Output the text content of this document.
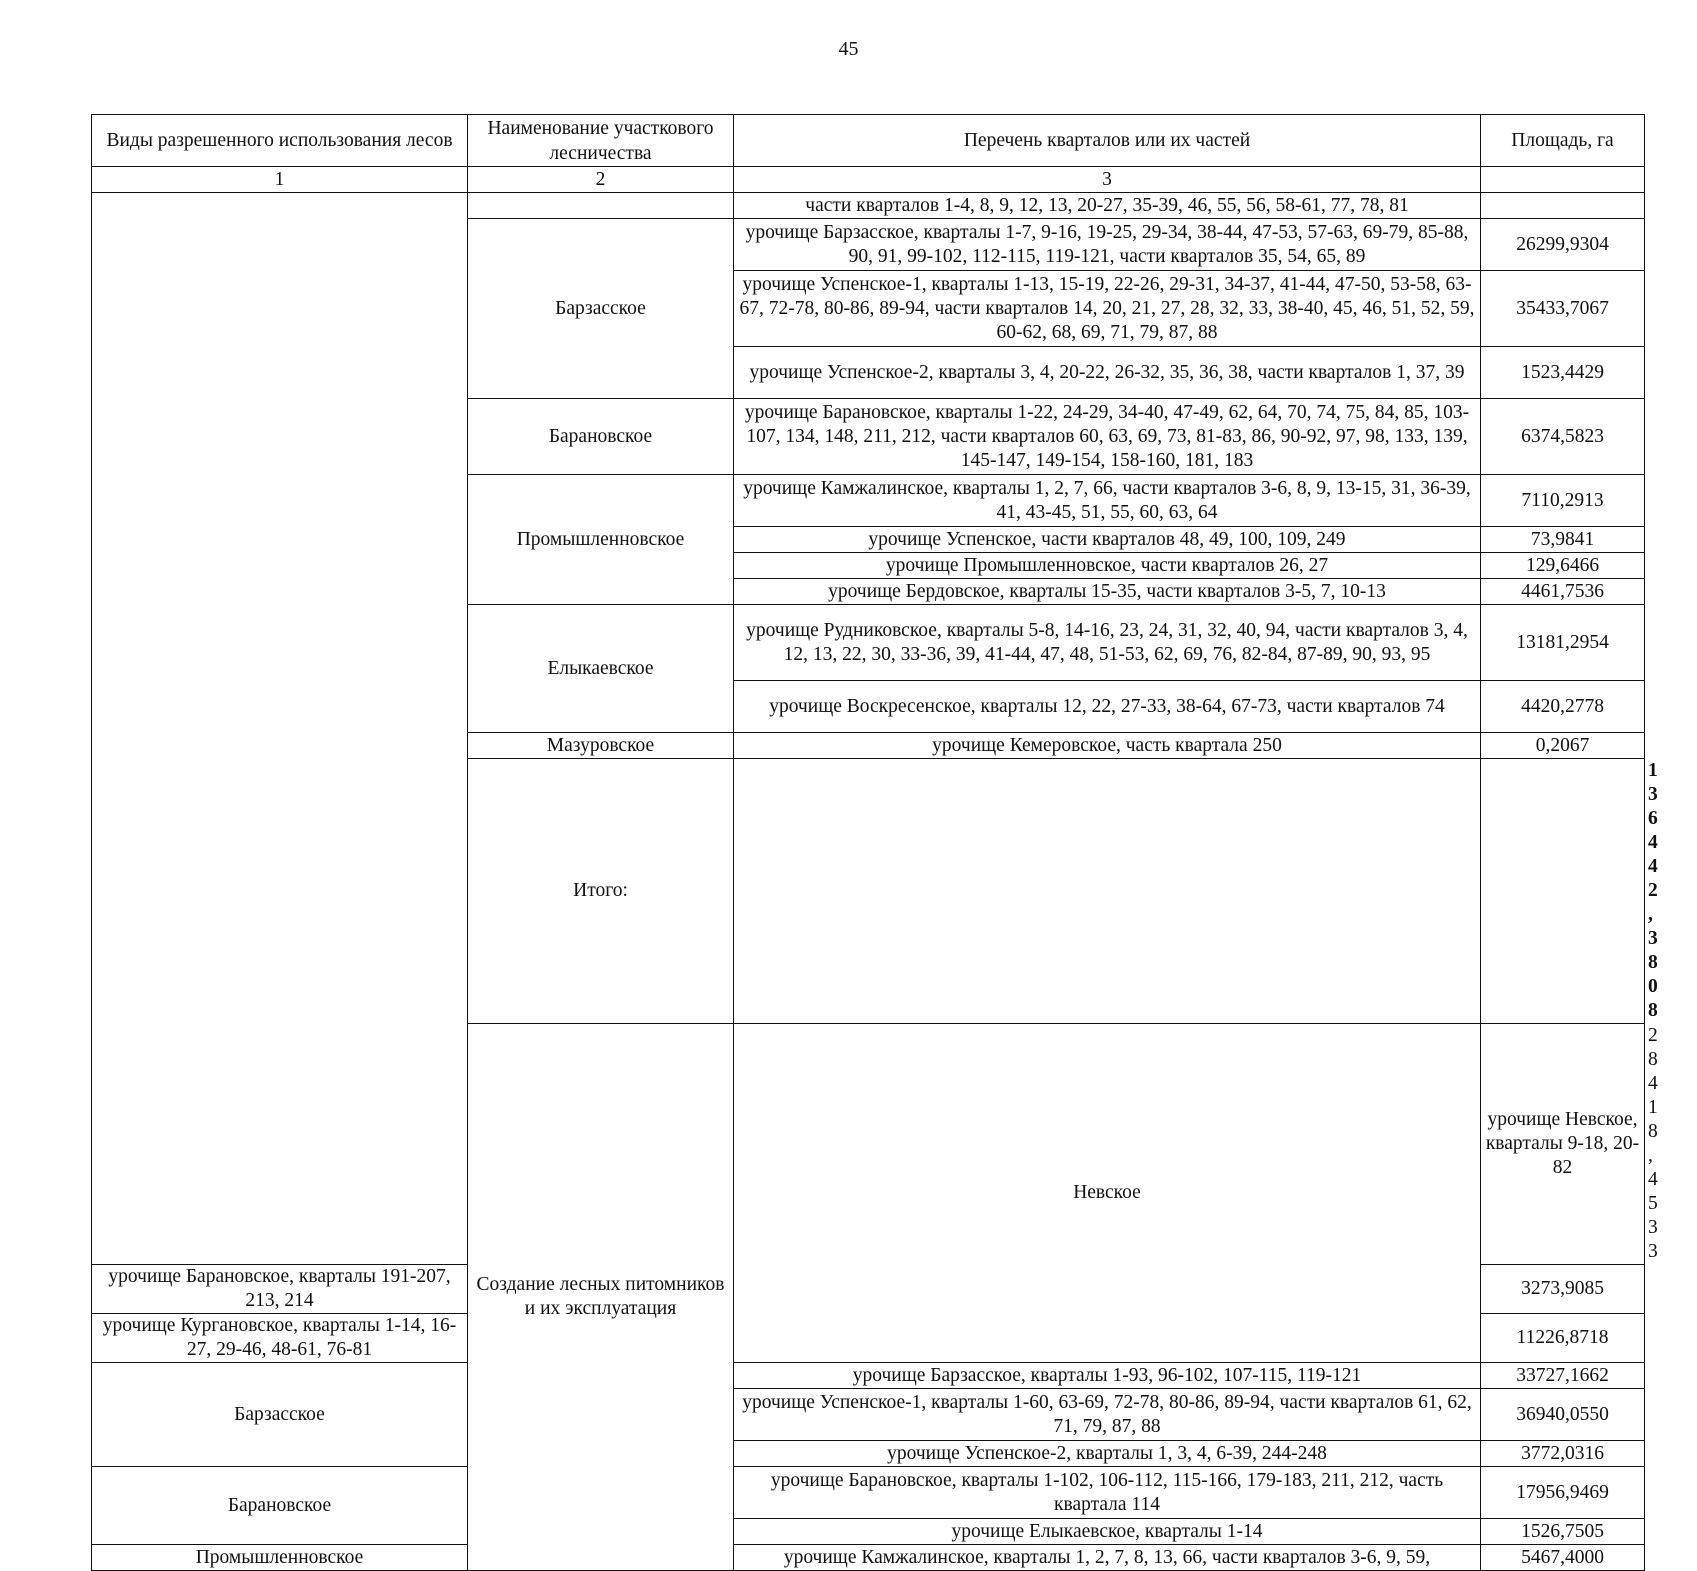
45
Виды разрешенного использования лесов	Наименование участкового лесничества	Перечень кварталов или их частей	Площадь, га	
1	2	3		
		части кварталов 1-4, 8, 9, 12, 13, 20-27, 35-39, 46, 55, 56, 58-61, 77, 78, 81		
	Барзасское	урочище Барзасское, кварталы 1-7, 9-16, 19-25, 29-34, 38-44, 47-53, 57-63, 69-79, 85-88, 90, 91, 99-102, 112-115, 119-121, части кварталов 35, 54, 65, 89	26299,9304	
		урочище Успенское-1, кварталы 1-13, 15-19, 22-26, 29-31, 34-37, 41-44, 47-50, 53-58, 63-67, 72-78, 80-86, 89-94, части кварталов 14, 20, 21, 27, 28, 32, 33, 38-40, 45, 46, 51, 52, 59, 60-62, 68, 69, 71, 79, 87, 88	35433,7067	
		урочище Успенское-2, кварталы 3, 4, 20-22, 26-32, 35, 36, 38, части кварталов 1, 37, 39	1523,4429	
	Барановское	урочище Барановское, кварталы 1-22, 24-29, 34-40, 47-49, 62, 64, 70, 74, 75, 84, 85, 103-107, 134, 148, 211, 212, части кварталов 60, 63, 69, 73, 81-83, 86, 90-92, 97, 98, 133, 139, 145-147, 149-154, 158-160, 181, 183	6374,5823	
	Промышленновское	урочище Камжалинское, кварталы 1, 2, 7, 66, части кварталов 3-6, 8, 9, 13-15, 31, 36-39, 41, 43-45, 51, 55, 60, 63, 64	7110,2913	
		урочище Успенское, части кварталов 48, 49, 100, 109, 249	73,9841	
		урочище Промышленновское, части кварталов 26, 27	129,6466	
		урочище Бердовское, кварталы 15-35, части кварталов 3-5, 7, 10-13	4461,7536	
	Елыкаевское	урочище Рудниковское, кварталы 5-8, 14-16, 23, 24, 31, 32, 40, 94, части кварталов 3, 4, 12, 13, 22, 30, 33-36, 39, 41-44, 47, 48, 51-53, 62, 69, 76, 82-84, 87-89, 90, 93, 95	13181,2954	
		урочище Воскресенское, кварталы 12, 22, 27-33, 38-64, 67-73, части кварталов 74	4420,2778	
	Мазуровское	урочище Кемеровское, часть квартала 250	0,2067	
	Итого:			136442,3808
	Создание лесных питомников и их эксплуатация	Невское	урочище Невское, кварталы 9-18, 20-82	28418,4533
урочище Барановское, кварталы 191-207, 213, 214			3273,9085	
урочище Кургановское, кварталы 1-14, 16-27, 29-46, 48-61, 76-81			11226,8718	
Барзасское		урочище Барзасское, кварталы 1-93, 96-102, 107-115, 119-121	33727,1662	
		урочище Успенское-1, кварталы 1-60, 63-69, 72-78, 80-86, 89-94, части кварталов 61, 62, 71, 79, 87, 88	36940,0550	
		урочище Успенское-2, кварталы 1, 3, 4, 6-39, 244-248	3772,0316	
Барановское		урочище Барановское, кварталы 1-102, 106-112, 115-166, 179-183, 211, 212, часть квартала 114	17956,9469	
		урочище Елыкаевское, кварталы 1-14	1526,7505	
Промышленновское		урочище Камжалинское, кварталы 1, 2, 7, 8, 13, 66, части кварталов 3-6, 9, 59,	5467,4000	
